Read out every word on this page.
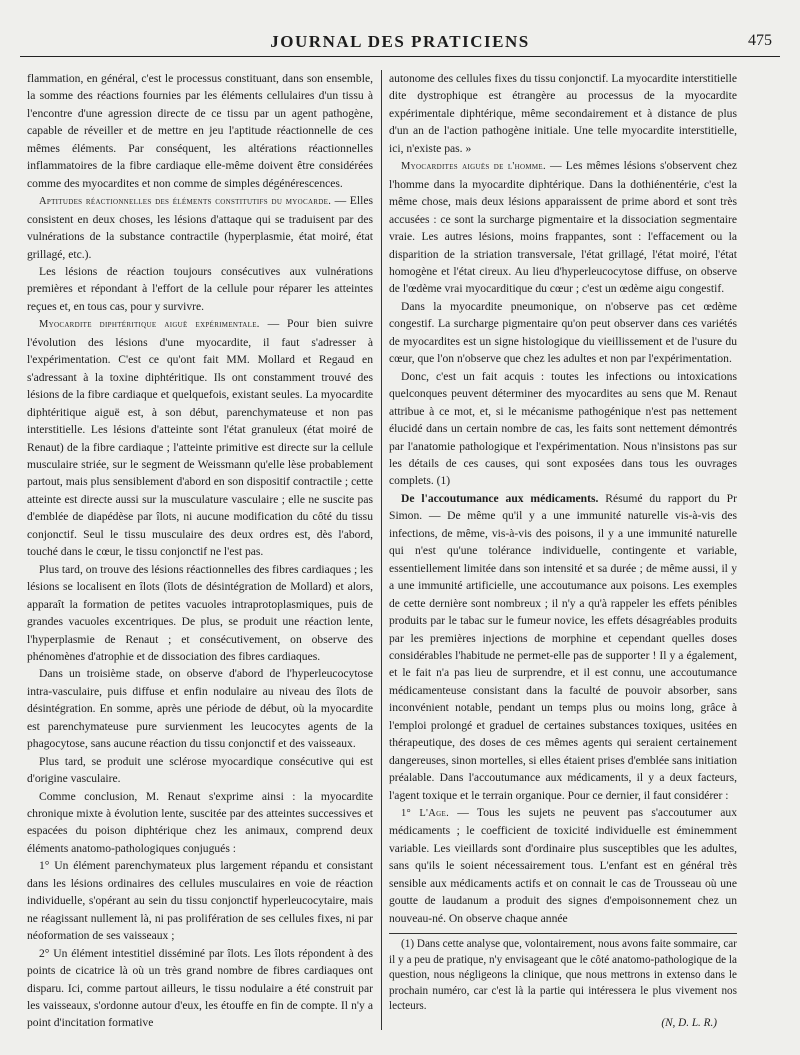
JOURNAL DES PRATICIENS	475

flammation, en général, c'est le processus constituant, dans son ensemble, la somme des réactions fournies par les éléments cellulaires d'un tissu à l'encontre d'une agression directe de ce tissu par un agent pathogène, capable de réveiller et de mettre en jeu l'aptitude réactionnelle de ces mêmes éléments. Par conséquent, les altérations réactionnelles inflammatoires de la fibre cardiaque elle-même doivent être considérées comme des myocardites et non comme de simples dégénérescences.

Aptitudes réactionnelles des éléments constitutifs du myocarde. — Elles consistent en deux choses, les lésions d'attaque qui se traduisent par des vulnérations de la substance contractile (hyperplasmie, état moiré, état grillagé, etc.).

Les lésions de réaction toujours consécutives aux vulnérations premières et répondant à l'effort de la cellule pour réparer les atteintes reçues et, en tous cas, pour y survivre.

Myocardite diphtéritique aiguë expérimentale. — Pour bien suivre l'évolution des lésions d'une myocardite, il faut s'adresser à l'expérimentation. C'est ce qu'ont fait MM. Mollard et Regaud en s'adressant à la toxine diphtéritique. Ils ont constamment trouvé des lésions de la fibre cardiaque et quelquefois, existant seules. La myocardite diphtéritique aiguë est, à son début, parenchymateuse et non pas interstitielle. Les lésions d'atteinte sont l'état granuleux (état moiré de Renaut) de la fibre cardiaque ; l'atteinte primitive est directe sur la cellule musculaire striée, sur le segment de Weissmann qu'elle lèse probablement partout, mais plus sensiblement d'abord en son dispositif contractile ; cette atteinte est directe aussi sur la musculature vasculaire ; elle ne suscite pas d'emblée de diapédèse par îlots, ni aucune modification du côté du tissu conjonctif. Seul le tissu musculaire des deux ordres est, dès l'abord, touché dans le cœur, le tissu conjonctif ne l'est pas.

Plus tard, on trouve des lésions réactionnelles des fibres cardiaques ; les lésions se localisent en îlots (îlots de désintégration de Mollard) et alors, apparaît la formation de petites vacuoles intraprotoplasmiques, puis de grandes vacuoles excentriques. De plus, se produit une réaction lente, l'hyperplasmie de Renaut ; et consécutivement, on observe des phénomènes d'atrophie et de dissociation des fibres cardiaques.

Dans un troisième stade, on observe d'abord de l'hyperleucocytose intra-vasculaire, puis diffuse et enfin nodulaire au niveau des îlots de désintégration. En somme, après une période de début, où la myocardite est parenchymateuse pure survienment les leucocytes agents de la phagocytose, sans aucune réaction du tissu conjonctif et des vaisseaux.

Plus tard, se produit une sclérose myocardique consécutive qui est d'origine vasculaire.

Comme conclusion, M. Renaut s'exprime ainsi : la myocardite chronique mixte à évolution lente, suscitée par des atteintes successives et espacées du poison diphtérique chez les animaux, comprend deux éléments anatomo-pathologiques conjugués :

1° Un élément parenchymateux plus largement répandu et consistant dans les lésions ordinaires des cellules musculaires en voie de réaction individuelle, s'opérant au sein du tissu conjonctif hyperleucocytaire, mais ne réagissant nullement là, ni pas prolifération de ses cellules fixes, ni par néoformation de ses vaisseaux ;

2° Un élément intestitiel disséminé par îlots. Les îlots répondent à des points de cicatrice là où un très grand nombre de fibres cardiaques ont disparu. Ici, comme partout ailleurs, le tissu nodulaire a été construit par les vaisseaux, s'ordonne autour d'eux, les étouffe en fin de compte. Il n'y a point d'incitation formative

autonome des cellules fixes du tissu conjonctif. La myocardite interstitielle dite dystrophique est étrangère au processus de la myocardite expérimentale diphtérique, même secondairement et à distance de plus d'un an de l'action pathogène initiale. Une telle myocardite interstitielle, ici, n'existe pas. »

Myocardites aiguës de l'homme. — Les mêmes lésions s'observent chez l'homme dans la myocardite diphtérique. Dans la dothiénentérie, c'est la même chose, mais deux lésions apparaissent de prime abord et sont très accusées : ce sont la surcharge pigmentaire et la dissociation segmentaire vraie. Les autres lésions, moins frappantes, sont : l'effacement ou la disparition de la striation transversale, l'état grillagé, l'état moiré, l'état homogène et l'état cireux. Au lieu d'hyperleucocytose diffuse, on observe de l'œdème vrai myocarditique du cœur ; c'est un œdème aigu congestif.

Dans la myocardite pneumonique, on n'observe pas cet œdème congestif. La surcharge pigmentaire qu'on peut observer dans ces variétés de myocardites est un signe histologique du vieillissement et de l'usure du cœur, que l'on n'observe que chez les adultes et non par l'expérimentation.

Donc, c'est un fait acquis : toutes les infections ou intoxications quelconques peuvent déterminer des myocardites au sens que M. Renaut attribue à ce mot, et, si le mécanisme pathogénique n'est pas nettement élucidé dans un certain nombre de cas, les faits sont nettement démontrés par l'anatomie pathologique et l'expérimentation. Nous n'insistons pas sur les détails de ces causes, qui sont exposées dans tous les ouvrages complets. (1)

De l'accoutumance aux médicaments. Résumé du rapport du Pr Simon. — De même qu'il y a une immunité naturelle vis-à-vis des infections, de même, vis-à-vis des poisons, il y a une immunité naturelle qui n'est qu'une tolérance individuelle, contingente et variable, essentiellement limitée dans son intensité et sa durée ; de même aussi, il y a une immunité artificielle, une accoutumance aux poisons. Les exemples de cette dernière sont nombreux ; il n'y a qu'à rappeler les effets pénibles produits par le tabac sur le fumeur novice, les effets désagréables produits par les premières injections de morphine et cependant quelles doses considérables l'habitude ne permet-elle pas de supporter ! Il y a également, et le fait n'a pas lieu de surprendre, et il est connu, une accoutumance médicamenteuse consistant dans la faculté de pouvoir absorber, sans inconvénient notable, pendant un temps plus ou moins long, grâce à l'emploi prolongé et graduel de certaines substances toxiques, usitées en thérapeutique, des doses de ces mêmes agents qui seraient certainement dangereuses, sinon mortelles, si elles étaient prises d'emblée sans initiation préalable. Dans l'accoutumance aux médicaments, il y a deux facteurs, l'agent toxique et le terrain organique. Pour ce dernier, il faut considérer :

1° L'Age. — Tous les sujets ne peuvent pas s'accoutumer aux médicaments ; le coefficient de toxicité individuelle est éminemment variable. Les vieillards sont d'ordinaire plus susceptibles que les adultes, sans qu'ils le soient nécessairement tous. L'enfant est en général très sensible aux médicaments actifs et on connait le cas de Trousseau où une goutte de laudanum a produit des signes d'empoisonnement chez un nouveau-né. On observe chaque année

(1) Dans cette analyse que, volontairement, nous avons faite sommaire, car il y a peu de pratique, n'y envisageant que le côté anatomo-pathologique de la question, nous négligeons la clinique, que nous mettrons in extenso dans le prochain numéro, car c'est là la partie qui intéressera le plus vivement nos lecteurs.

(N, D. L. R.)
